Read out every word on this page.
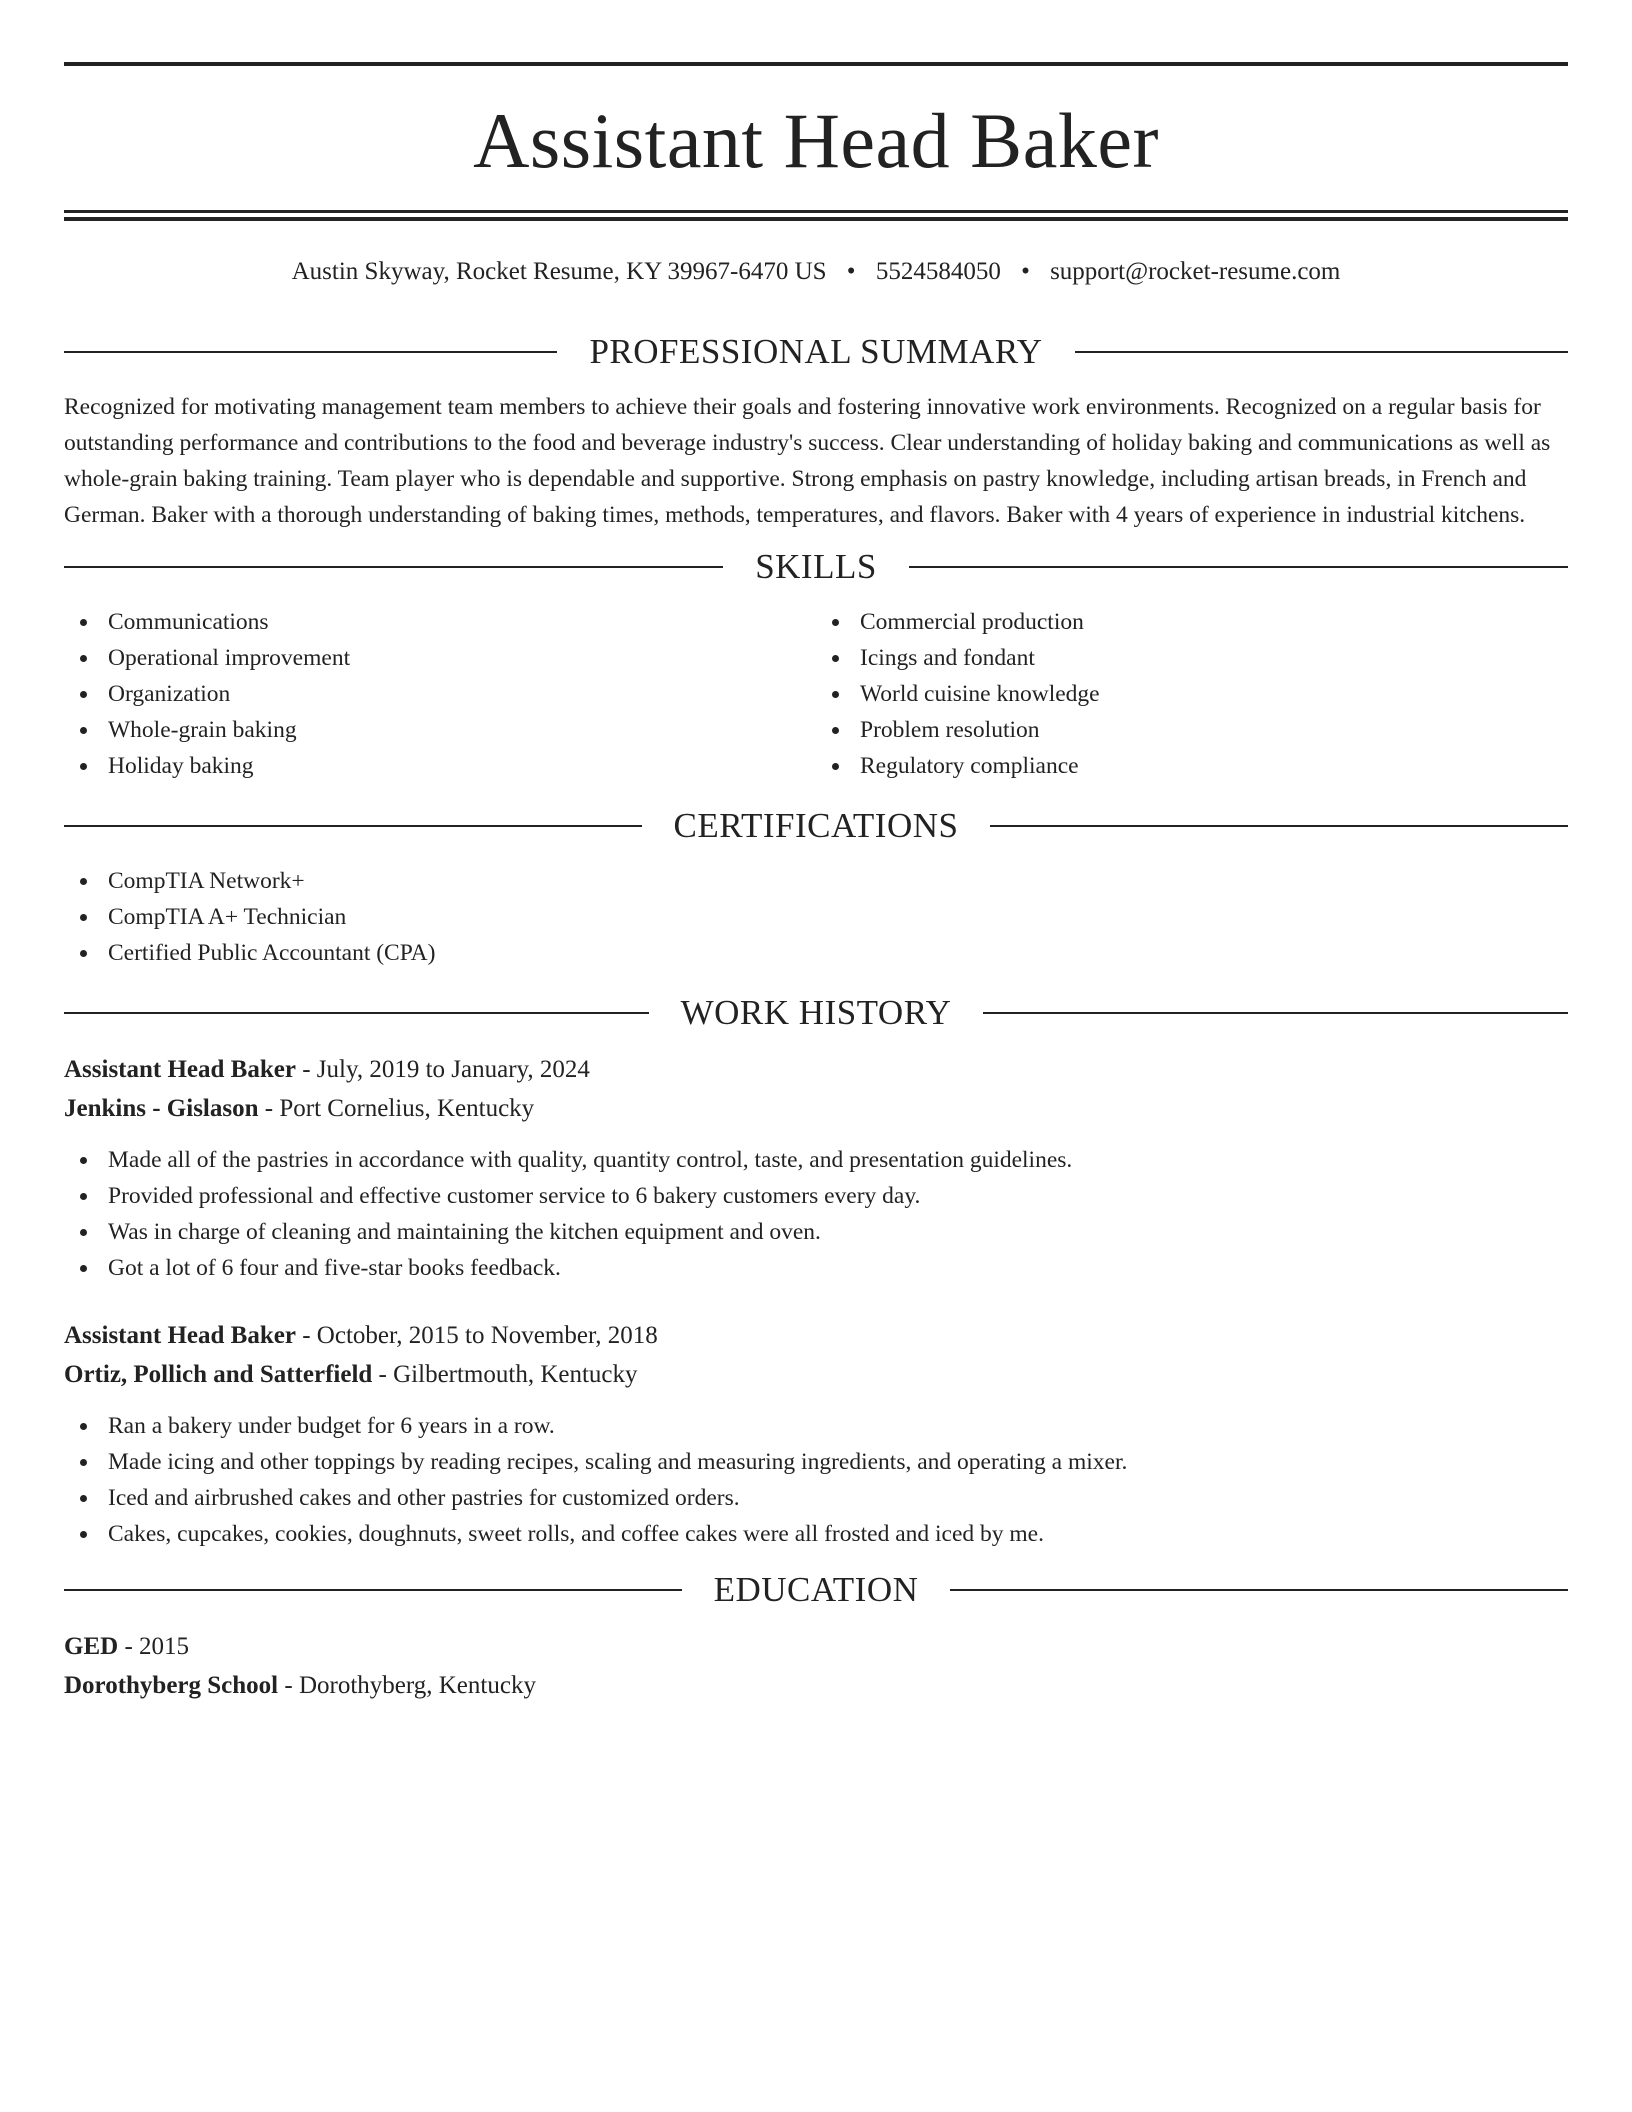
Assistant Head Baker
Austin Skyway, Rocket Resume, KY 39967-6470 US • 5524584050 • support@rocket-resume.com
PROFESSIONAL SUMMARY

Recognized for motivating management team members to achieve their goals and fostering innovative work environments. Recognized on a regular basis for outstanding performance and contributions to the food and beverage industry's success. Clear understanding of holiday baking and communications as well as whole-grain baking training. Team player who is dependable and supportive. Strong emphasis on pastry knowledge, including artisan breads, in French and German. Baker with a thorough understanding of baking times, methods, temperatures, and flavors. Baker with 4 years of experience in industrial kitchens.

SKILLS
Communications
Operational improvement
Organization
Whole-grain baking
Holiday baking
Commercial production
Icings and fondant
World cuisine knowledge
Problem resolution
Regulatory compliance
CERTIFICATIONS
CompTIA Network+
CompTIA A+ Technician
Certified Public Accountant (CPA)
WORK HISTORY
Assistant Head Baker - July, 2019 to January, 2024
Jenkins - Gislason - Port Cornelius, Kentucky
Made all of the pastries in accordance with quality, quantity control, taste, and presentation guidelines.
Provided professional and effective customer service to 6 bakery customers every day.
Was in charge of cleaning and maintaining the kitchen equipment and oven.
Got a lot of 6 four and five-star books feedback.
Assistant Head Baker - October, 2015 to November, 2018
Ortiz, Pollich and Satterfield - Gilbertmouth, Kentucky
Ran a bakery under budget for 6 years in a row.
Made icing and other toppings by reading recipes, scaling and measuring ingredients, and operating a mixer.
Iced and airbrushed cakes and other pastries for customized orders.
Cakes, cupcakes, cookies, doughnuts, sweet rolls, and coffee cakes were all frosted and iced by me.
EDUCATION
GED - 2015
Dorothyberg School - Dorothyberg, Kentucky
